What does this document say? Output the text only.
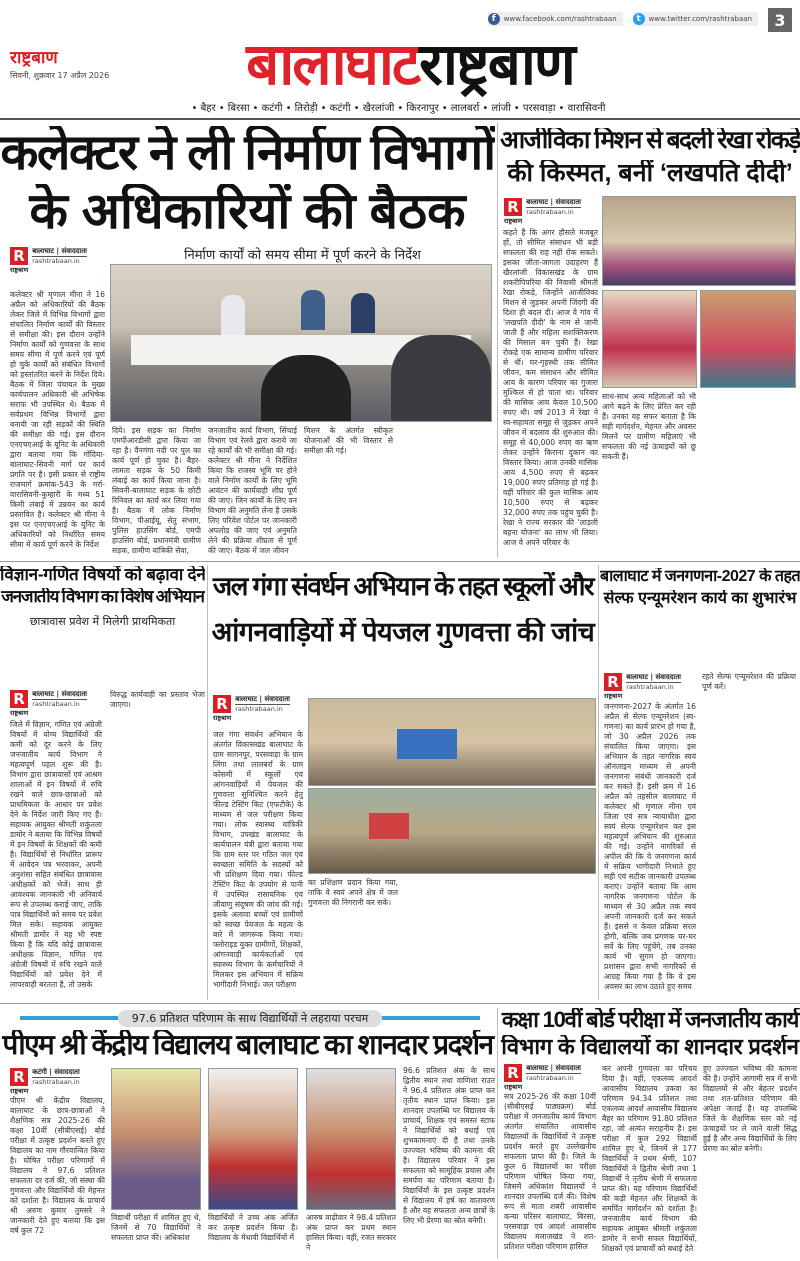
f	www.facebook.com/rashtrabaan	t	www.twitter.com/rashtrabaan	3
राष्ट्रबाण
सिवनी, शुक्रवार 17 अप्रैल 2026	बालाघाटराष्ट्रबाण
• बैहर • बिरसा • कटंगी • तिरोड़ी • कटंगी • खैरलांजी • किरनापुर • लालबर्रा • लांजी • परसवाड़ा • वारासिवनी
कलेक्टर ने ली निर्माण विभागों
के अधिकारियों की बैठक
निर्माण कार्यों को समय सीमा में पूर्ण करने के निर्देश
R
राष्ट्रबाण
बालाघाट | संवाददाता
rashtrabaan.in
कलेक्टर श्री मृणाल मीना ने 16 अप्रैल को अधिकारियों की बैठक लेकर जिले में विभिन्न विभागों द्वारा संचालित निर्माण कार्यों की विस्तार से समीक्षा की। इस दौरान उन्होंने निर्माण कार्यों को गुणवत्ता के साथ समय सीमा में पूर्ण करने एवं पूर्ण हो चुके कार्यों को संबंधित विभागों को हस्तांतरित करने के निर्देश दिये। बैठक में जिला पंचायत के मुख्य कार्यपालन अधिकारी श्री अभिषेक सराफ भी उपस्थित थे। बैठक में सर्वप्रथम विभिन्न विभागों द्वारा बनायी जा रही सड़कों की स्थिति की समीक्षा की गई। इस दौरान एनएचएआई के यूनिट के अधिकारी द्वारा बताया गया कि गोंदिया-बालाघाट-सिवनी मार्ग पर कार्य प्रगति पर है। इसी प्रकार से राष्ट्रीय राजमार्ग क्रमांक-543 के गर्रा-वारासिवनी-कुम्हारी के मध्य 51 किमी लंबाई में उन्नयन का कार्य प्रस्तावित है। कलेक्टर श्री मीना ने इस पर एनएचएआई के यूनिट के अधिकारियों को निर्धारित समय सीमा में कार्य पूर्ण करने के निर्देश
दिये। इस सड़क का निर्माण एमपीआरडीसी द्वारा किया जा रहा है। वैनगंगा नदी पर पुल का कार्य पूर्ण हो चुका है। बैहर-लामता सड़क के 50 किमी लंबाई का कार्य किया जाना है। सिवनी-बालाघाट सड़क के छोटी रिनिवल का कार्य कर लिया गया है। बैठक में लोक निर्माण विभाग, पीआईयू, सेतु संभाग, पुलिस हाउसिंग बोर्ड, एमपी हाउसिंग बोर्ड, प्रधानमंत्री ग्रामीण सड़क, ग्रामीण यांत्रिकी सेवा,
जनजातीय कार्य विभाग, सिंचाई विभाग एवं रेलवे द्वारा कराये जा रहे कार्यों की भी समीक्षा की गई। कलेक्टर श्री मीना ने निर्देशित किया कि राजस्व भूमि पर होने वाले निर्माण कार्यों के लिए भूमि आवंटन की कार्यवाही शीघ्र पूर्ण की जाए। जिन कार्यों के लिए वन विभाग की अनुमति लेना है उसके लिए परिवेश पोर्टल पर जानकारी अपलोड की जाए एवं अनुमति लेने की प्रक्रिया शीघ्रता से पूर्ण की जाए। बैठक में जल जीवन
मिशन के अंतर्गत स्वीकृत योजनाओं की भी विस्तार से समीक्षा की गई।
आजीविका मिशन से बदली रेखा रोकड़े
की किस्मत, बनीं ‘लखपति दीदी’
R
राष्ट्रबाण
बालाघाट | संवाददाता
rashtrabaan.in
कहते हैं कि अगर हौसले मजबूत हों, तो सीमित संसाधन भी बड़ी सफलता की राह नहीं रोक सकते। इसका जीता-जागता उदाहरण हैं खैरलांजी विकासखंड के ग्राम शकरीपिपरिया की निवासी श्रीमती रेखा रोकड़े, जिन्होंने आजीविका मिशन से जुड़कर अपनी जिंदगी की दिशा ही बदल दी। आज वे गांव में 'लखपति दीदी' के नाम से जानी जाती हैं और महिला सशक्तिकरण की मिसाल बन चुकी हैं। रेखा रोकड़े एक सामान्य ग्रामीण परिवार से थीं। घर-गृहस्थी तक सीमित जीवन, कम संसाधन और सीमित आय के कारण परिवार का गुजारा मुश्किल से हो पाता था। परिवार की मासिक आय केवल 10,500 रुपए थी। वर्ष 2013 में रेखा ने स्व-सहायता समूह से जुड़कर अपने जीवन में बदलाव की शुरुआत की। समूह से 40,000 रुपए का ऋण लेकर उन्होंने किराना दुकान का विस्तार किया। आज उनकी मासिक आय 4,500 रुपए से बढ़कर 19,000 रुपए प्रतिमाह हो गई है। वहीं परिवार की कुल मासिक आय 10,500 रुपए से बढ़कर 32,000 रुपए तक पहुंच चुकी है। रेखा ने राज्य सरकार की 'लाड़ली बहना योजना' का लाभ भी लिया। आज वे अपने परिवार के
साथ-साथ अन्य महिलाओं को भी आगे बढ़ने के लिए प्रेरित कर रही हैं। उनका यह सफर बताता है कि सही मार्गदर्शन, मेहनत और अवसर मिलने पर ग्रामीण महिलाएं भी सफलता की नई ऊंचाइयों को छू सकती हैं।
विज्ञान-गणित विषयों को बढ़ावा देने
जनजातीय विभाग का विशेष अभियान
छात्रावास प्रवेश में मिलेगी प्राथमिकता
R
राष्ट्रबाण
बालाघाट | संवाददाता
rashtrabaan.in
जिले में विज्ञान, गणित एवं अंग्रेजी विषयों में योग्य विद्यार्थियों की कमी को दूर करने के लिए जनजातीय कार्य विभाग ने महत्वपूर्ण पहल शुरू की है। विभाग द्वारा छात्रावासों एवं आश्रम शालाओं में इन विषयों में रुचि रखने वाले छात्र-छात्राओं को प्राथमिकता के आधार पर प्रवेश देने के निर्देश जारी किए गए हैं। सहायक आयुक्त श्रीमती शकुंतला डामोर ने बताया कि विभिन्न विषयों में इन विषयों के शिक्षकों की कमी है। विद्यार्थियों से निर्धारित प्रारूप में आवेदन पत्र भरवाकर, अपनी अनुशंसा सहित संबंधित छात्रावास अधीक्षकों को भेजें। साथ ही आवश्यक जानकारी भी अनिवार्य रूप से उपलब्ध कराई जाए, ताकि पात्र विद्यार्थियों को समय पर प्रवेश मिल सके। सहायक आयुक्त श्रीमती डामोर ने यह भी स्पष्ट किया है कि यदि कोई छात्रावास अधीक्षक विज्ञान, गणित एवं अंग्रेजी विषयों में रुचि रखने वाले विद्यार्थियों को प्रवेश देने में लापरवाही बरतता है, तो उसके
विरुद्ध कार्यवाही का प्रस्ताव भेजा जाएगा।
जल गंगा संवर्धन अभियान के तहत स्कूलों और
आंगनवाड़ियों में पेयजल गुणवत्ता की जांच
R
राष्ट्रबाण
बालाघाट | संवाददाता
rashtrabaan.in
जल गंगा संवर्धन अभियान के अंतर्गत विकासखंड बालाघाट के ग्राम सागनपुर, परसवाड़ा के ग्राम लिंगा तथा लालबर्रा के ग्राम कोसमी में स्कूलों एवं आंगनवाड़ियों में पेयजल की गुणवत्ता सुनिश्चित करने हेतु फील्ड टेस्टिंग किट (एफटीके) के माध्यम से जल परीक्षण किया गया। लोक स्वास्थ्य यांत्रिकी विभाग, उपखंड बालाघाट के कार्यपालन यंत्री द्वारा बताया गया कि ग्राम स्तर पर गठित जल एवं स्वच्छता समिति के सदस्यों को भी प्रशिक्षण दिया गया। फील्ड टेस्टिंग किट के उपयोग से पानी में उपस्थित रासायनिक एवं जीवाणु संदूषण की जांच की गई। इसके अलावा बच्चों एवं ग्रामीणों को स्वच्छ पेयजल के महत्व के बारे में जागरूक किया गया। फ्लोराइड युक्त ग्रामीणों, शिक्षकों, आंगनवाड़ी कार्यकर्ताओं एवं स्वास्थ्य विभाग के कर्मचारियों ने मिलकर इस अभियान में सक्रिय भागीदारी निभाई। जल परीक्षण
का प्रशिक्षण प्रदान किया गया, ताकि वे स्वयं अपने क्षेत्र में जल गुणवत्ता की निगरानी कर सकें।
बालाघाट में जनगणना-2027 के तहत
सेल्फ एन्यूमरेशन कार्य का शुभारंभ
R
राष्ट्रबाण
बालाघाट | संवाददाता
rashtrabaan.in
जनगणना-2027 के अंतर्गत 16 अप्रैल से सेल्फ एन्यूमरेशन (स्व-गणना) का कार्य प्रारंभ हो गया है, जो 30 अप्रैल 2026 तक संचालित किया जाएगा। इस अभियान के तहत नागरिक स्वयं ऑनलाइन माध्यम से अपनी जनगणना संबंधी जानकारी दर्ज कर सकते हैं। इसी क्रम में 16 अप्रैल को तहसील बालाघाट में कलेक्टर श्री मृणाल मीना एवं जिला एवं सत्र न्यायाधीश द्वारा स्वयं सेल्फ एन्यूमरेशन कर इस महत्वपूर्ण अभियान की शुरुआत की गई। उन्होंने नागरिकों से अपील की कि वे जनगणना कार्य में सक्रिय भागीदारी निभाते हुए सही एवं सटीक जानकारी उपलब्ध कराएं। उन्होंने बताया कि आम नागरिक जनगणना पोर्टल के माध्यम से 30 अप्रैल तक स्वयं अपनी जानकारी दर्ज कर सकते हैं। इससे न केवल प्रक्रिया सरल होगी, बल्कि जब प्रगणक घर-घर सर्वे के लिए पहुंचेंगे, तब उनका कार्य भी सुगम हो जाएगा। प्रशासन द्वारा सभी नागरिकों से आग्रह किया गया है कि वे इस अवसर का लाभ उठाते हुए समय
रहते सेल्फ एन्यूमरेशन की प्रक्रिया पूर्ण करें।
97.6 प्रतिशत परिणाम के साथ विद्यार्थियों ने लहराया परचम
पीएम श्री केंद्रीय विद्यालय बालाघाट का शानदार प्रदर्शन
R
राष्ट्रबाण
कटंगी | संवाददाता
rashtrabaan.in
पीएम श्री केंद्रीय विद्यालय, बालाघाट के छात्र-छात्राओं ने शैक्षणिक सत्र 2025-26 की कक्षा 10वीं (सीबीएसई) बोर्ड परीक्षा में उत्कृष्ट प्रदर्शन करते हुए विद्यालय का नाम गौरवान्वित किया है। घोषित परीक्षा परिणामों में विद्यालय ने 97.6 प्रतिशत सफलता दर दर्ज की, जो संस्था की गुणवत्ता और विद्यार्थियों की मेहनत को दर्शाता है। विद्यालय के प्राचार्य श्री अरुण कुमार तुमसरे ने जानकारी देते हुए बताया कि इस वर्ष कुल 72
विद्यार्थी परीक्षा में शामिल हुए थे, जिनमें से 70 विद्यार्थियों ने सफलता प्राप्त की। अधिकांश
विद्यार्थियों ने उच्च अंक अर्जित कर उत्कृष्ट प्रदर्शन किया है। विद्यालय के मेधावी विद्यार्थियों में
आरुष वाढ़ीवार ने 98.4 प्रतिशत अंक प्राप्त कर प्रथम स्थान हासिल किया। वहीं, रजत सरकार ने
96.6 प्रतिशत अंक के साथ द्वितीय स्थान तथा वाणिशा राउत ने 96.4 प्रतिशत अंक प्राप्त कर तृतीय स्थान प्राप्त किया। इस शानदार उपलब्धि पर विद्यालय के प्राचार्य, शिक्षक एवं समस्त स्टाफ ने विद्यार्थियों को बधाई एवं शुभकामनाएं दी है तथा उनके उज्ज्वल भविष्य की कामना की है। विद्यालय परिवार ने इस सफलता को सामूहिक प्रयास और समर्पण का परिणाम बताया है। विद्यार्थियों के इस उत्कृष्ट प्रदर्शन से विद्यालय में हर्ष का वातावरण है और यह सफलता अन्य छात्रों के लिए भी प्रेरणा का स्रोत बनेगी।
कक्षा 10वीं बोर्ड परीक्षा में जनजातीय कार्य
विभाग के विद्यालयों का शानदार प्रदर्शन
R
राष्ट्रबाण
बालाघाट | संवाददाता
rashtrabaan.in
सत्र 2025-26 की कक्षा 10वीं (सीबीएसई पाठ्यक्रम) बोर्ड परीक्षा में जनजातीय कार्य विभाग अंतर्गत संचालित आवासीय विद्यालयों के विद्यार्थियों ने उत्कृष्ट प्रदर्शन करते हुए उल्लेखनीय सफलता प्राप्त की है। जिले के कुल 6 विद्यालयों का परीक्षा परिणाम घोषित किया गया, जिसमें अधिकांश विद्यालयों ने शानदार उपलब्धि दर्ज की। विशेष रूप से माता शबरी आवासीय कन्या परिसर बालाघाट, बिरसा, परसवाड़ा एवं आदर्श आवासीय विद्यालय मलाजखंड ने शत-प्रतिशत परीक्षा परिणाम हासिल
कर अपनी गुणवत्ता का परिचय दिया है। वहीं, एकलव्य आदर्श आवासीय विद्यालय उकवा का परिणाम 94.34 प्रतिशत तथा एकलव्य आदर्श आवासीय विद्यालय बैहर का परिणाम 91.80 प्रतिशत रहा, जो अत्यंत सराहनीय है। इस परीक्षा में कुल 292 विद्यार्थी शामिल हुए थे, जिनमें से 177 विद्यार्थियों ने प्रथम श्रेणी, 107 विद्यार्थियों ने द्वितीय श्रेणी तथा 1 विद्यार्थी ने तृतीय श्रेणी में सफलता प्राप्त की। यह परिणाम विद्यार्थियों की कड़ी मेहनत और शिक्षकों के समर्पित मार्गदर्शन को दर्शाता है। जनजातीय कार्य विभाग की सहायक आयुक्त श्रीमती शकुंतला डामोर ने सभी सफल विद्यार्थियों, शिक्षकों एवं प्राचार्यों को बधाई देते
हुए उज्ज्वल भविष्य की कामना की है। उन्होंने आगामी सत्र में सभी विद्यालयों से और बेहतर प्रदर्शन तथा शत-प्रतिशत परिणाम की अपेक्षा जताई है। यह उपलब्धि जिले के शैक्षणिक स्तर को नई ऊंचाइयों पर ले जाने वाली सिद्ध हुई है और अन्य विद्यार्थियों के लिए प्रेरणा का स्रोत बनेगी।
